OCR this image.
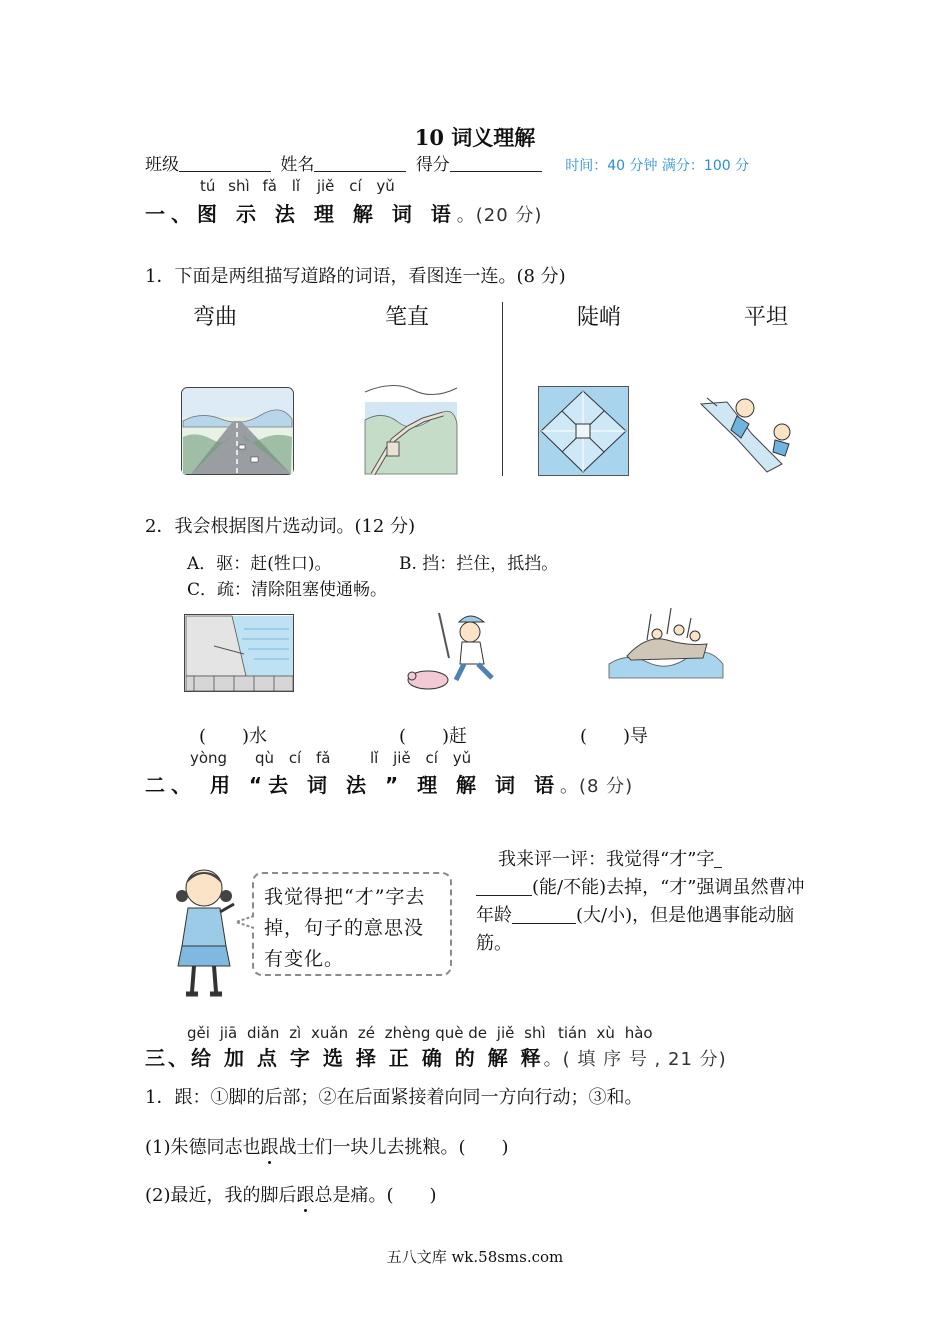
10 词义理解
班级	姓名	得分	时间：40 分钟 满分：100 分
tú shì fǎ lǐ jiě cí yǔ
一、图 示 法 理 解 词 语。(20 分)
1．下面是两组描写道路的词语，看图连一连。(8 分)
弯曲	笔直	陡峭	平坦
2．我会根据图片选动词。(12 分)
A．驱：赶(牲口)。	B. 挡：拦住，抵挡。
C．疏：清除阻塞使通畅。
(　　)水	(　　)赶	(　　)导
yòng qù cí fǎ	lǐ jiě cí yǔ
二、 用 “去 词 法 ” 理 解 词 语。(8 分)
我觉得把“才”字去掉，句子的意思没有变化。
我来评一评：我觉得“才”字
(能/不能)去掉，“才”强调虽然曹冲年龄	(大/小)，但是他遇事能动脑筋。
gěi jiā diǎn zì xuǎn zé zhèng què de jiě shì tián xù hào
三、给 加 点 字 选 择 正 确 的 解 释。( 填 序 号 , 21 分)
1．跟：①脚的后部；②在后面紧接着向同一方向行动；③和。
(1)朱德同志也跟战士们一块儿去挑粮。(　　)
(2)最近，我的脚后跟总是痛。(　　)
五八文库 wk.58sms.com
